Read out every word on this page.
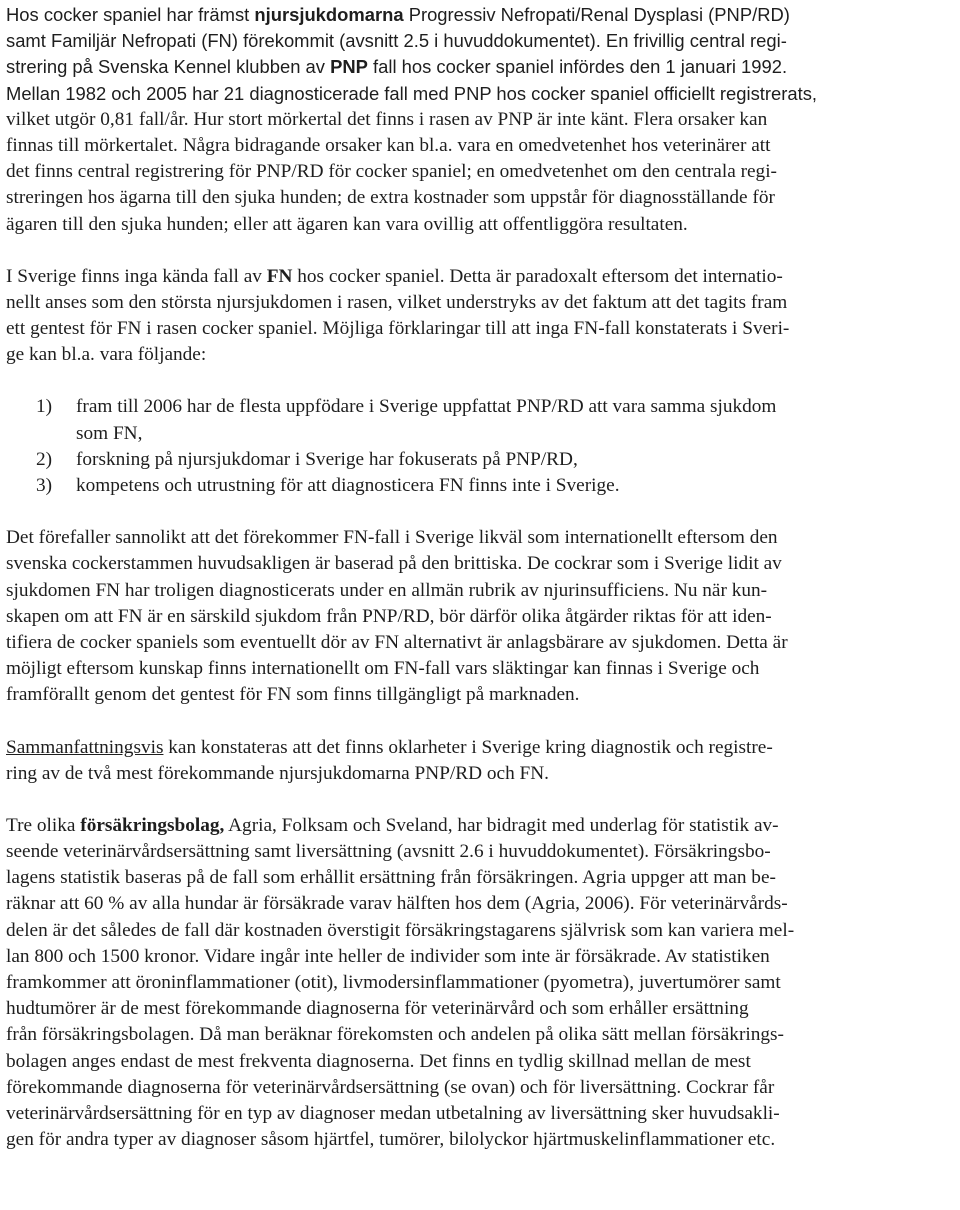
Hos cocker spaniel har främst njursjukdomarna Progressiv Nefropati/Renal Dysplasi (PNP/RD)
samt Familjär Nefropati (FN) förekommit (avsnitt 2.5 i huvuddokumentet). En frivillig central regi-
strering på Svenska Kennel klubben av PNP fall hos cocker spaniel infördes den 1 januari 1992.
Mellan 1982 och 2005 har 21 diagnosticerade fall med PNP hos cocker spaniel officiellt registrerats,
vilket utgör 0,81 fall/år. Hur stort mörkertal det finns i rasen av PNP är inte känt. Flera orsaker kan
finnas till mörkertalet. Några bidragande orsaker kan bl.a. vara en omedvetenhet hos veterinärer att
det finns central registrering för PNP/RD för cocker spaniel; en omedvetenhet om den centrala regi-
streringen hos ägarna till den sjuka hunden; de extra kostnader som uppstår för diagnosställande för
ägaren till den sjuka hunden; eller att ägaren kan vara ovillig att offentliggöra resultaten.
I Sverige finns inga kända fall av FN hos cocker spaniel. Detta är paradoxalt eftersom det internatio-
nellt anses som den största njursjukdomen i rasen, vilket understryks av det faktum att det tagits fram
ett gentest för FN i rasen cocker spaniel. Möjliga förklaringar till att inga FN-fall konstaterats i Sveri-
ge kan bl.a. vara följande:
1)	fram till 2006 har de flesta uppfödare i Sverige uppfattat PNP/RD att vara samma sjukdom
som FN,
2)	forskning på njursjukdomar i Sverige har fokuserats på PNP/RD,
3)	kompetens och utrustning för att diagnosticera FN finns inte i Sverige.
Det förefaller sannolikt att det förekommer FN-fall i Sverige likväl som internationellt eftersom den
svenska cockerstammen huvudsakligen är baserad på den brittiska. De cockrar som i Sverige lidit av
sjukdomen FN har troligen diagnosticerats under en allmän rubrik av njurinsufficiens. Nu när kun-
skapen om att FN är en särskild sjukdom från PNP/RD, bör därför olika åtgärder riktas för att iden-
tifiera de cocker spaniels som eventuellt dör av FN alternativt är anlagsbärare av sjukdomen. Detta är
möjligt eftersom kunskap finns internationellt om FN-fall vars släktingar kan finnas i Sverige och
framförallt genom det gentest för FN som finns tillgängligt på marknaden.
Sammanfattningsvis kan konstateras att det finns oklarheter i Sverige kring diagnostik och registre-
ring av de två mest förekommande njursjukdomarna PNP/RD och FN.
Tre olika försäkringsbolag, Agria, Folksam och Sveland, har bidragit med underlag för statistik av-
seende veterinärvårdsersättning samt liversättning (avsnitt 2.6 i huvuddokumentet). Försäkringsbo-
lagens statistik baseras på de fall som erhållit ersättning från försäkringen. Agria uppger att man be-
räknar att 60 % av alla hundar är försäkrade varav hälften hos dem (Agria, 2006). För veterinärvårds-
delen är det således de fall där kostnaden överstigit försäkringstagarens självrisk som kan variera mel-
lan 800 och 1500 kronor. Vidare ingår inte heller de individer som inte är försäkrade. Av statistiken
framkommer att öroninflammationer (otit), livmodersinflammationer (pyometra), juvertumörer samt
hudtumörer är de mest förekommande diagnoserna för veterinärvård och som erhåller ersättning
från försäkringsbolagen. Då man beräknar förekomsten och andelen på olika sätt mellan försäkrings-
bolagen anges endast de mest frekventa diagnoserna. Det finns en tydlig skillnad mellan de mest
förekommande diagnoserna för veterinärvårdsersättning (se ovan) och för liversättning. Cockrar får
veterinärvårdsersättning för en typ av diagnoser medan utbetalning av liversättning sker huvudsakli-
gen för andra typer av diagnoser såsom hjärtfel, tumörer, bilolyckor hjärtmuskelinflammationer etc.
